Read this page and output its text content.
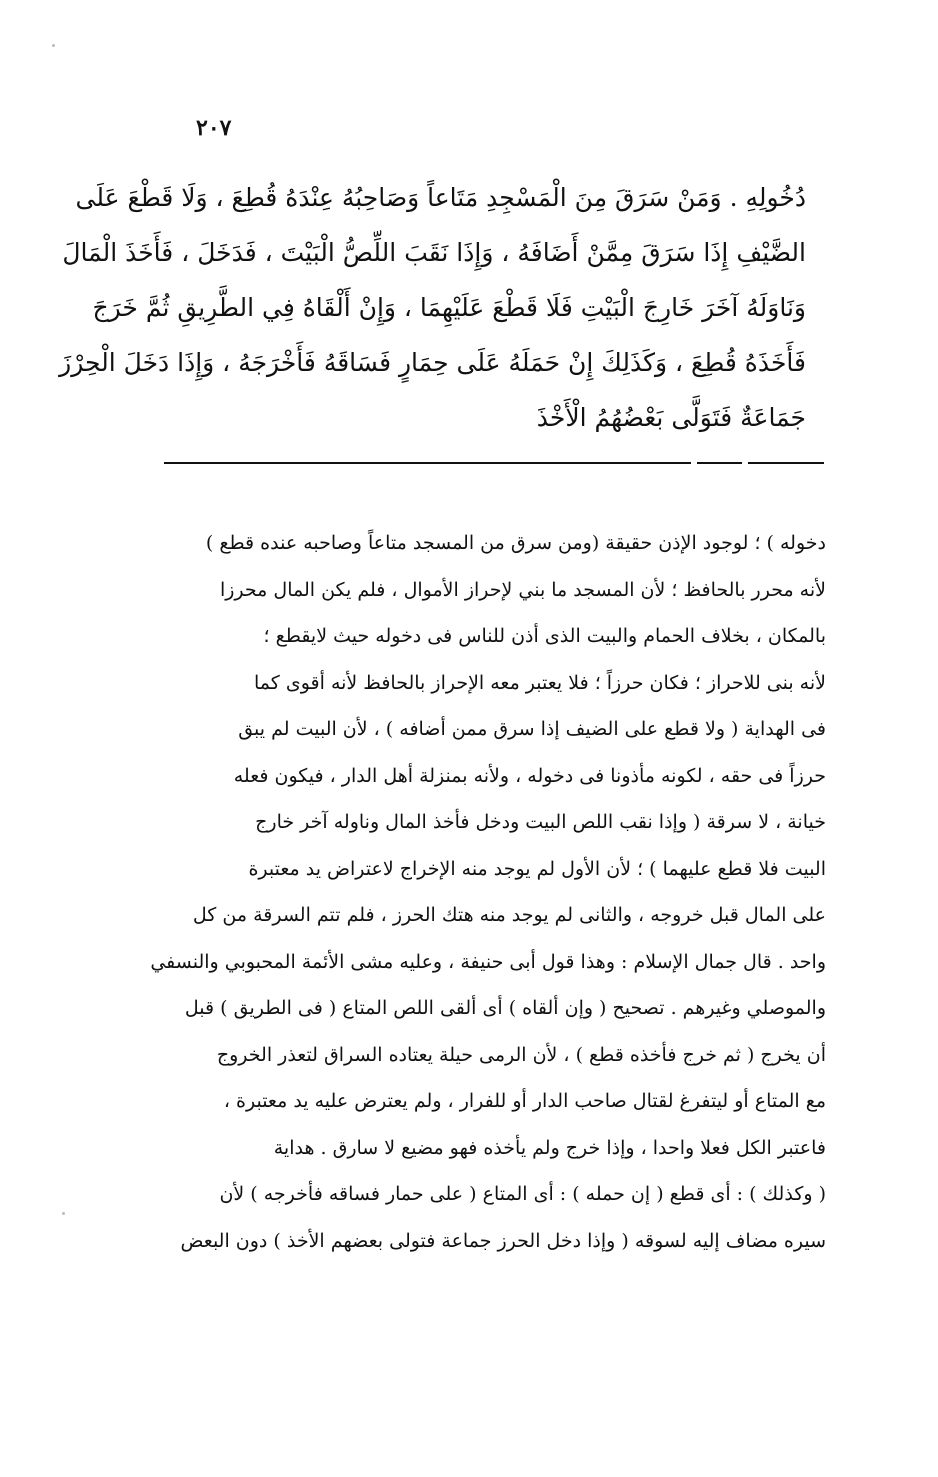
٢٠٧
دُخُولِهِ . وَمَنْ سَرَقَ مِنَ الْمَسْجِدِ مَتَاعاً وَصَاحِبُهُ عِنْدَهُ قُطِعَ ، وَلَا قَطْعَ عَلَى
الضَّيْفِ إِذَا سَرَقَ مِمَّنْ أَضَافَهُ ، وَإِذَا نَقَبَ اللِّصُّ الْبَيْتَ ، فَدَخَلَ ، فَأَخَذَ الْمَالَ
وَنَاوَلَهُ آخَرَ خَارِجَ الْبَيْتِ فَلَا قَطْعَ عَلَيْهِمَا ، وَإِنْ أَلْقَاهُ فِي الطَّرِيقِ ثُمَّ خَرَجَ
فَأَخَذَهُ قُطِعَ ، وَكَذَلِكَ إِنْ حَمَلَهُ عَلَى حِمَارٍ فَسَاقَهُ فَأَخْرَجَهُ ، وَإِذَا دَخَلَ الْحِرْزَ
جَمَاعَةٌ فَتَوَلَّى بَعْضُهُمُ الْأَخْذَ
دخوله ) ؛ لوجود الإذن حقيقة (ومن سرق من المسجد متاعاً وصاحبه عنده قطع )
لأنه محرر بالحافظ ؛ لأن المسجد ما بني لإحراز الأموال ، فلم يكن المال محرزا
بالمكان ، بخلاف الحمام والبيت الذى أذن للناس فى دخوله حيث لايقطع ؛
لأنه بنى للاحراز ؛ فكان حرزاً ؛ فلا يعتبر معه الإحراز بالحافظ لأنه أقوى كما
فى الهداية ( ولا قطع على الضيف إذا سرق ممن أضافه ) ، لأن البيت لم يبق
حرزاً فى حقه ، لكونه مأذونا فى دخوله ، ولأنه بمنزلة أهل الدار ، فيكون فعله
خيانة ، لا سرقة ( وإذا نقب اللص البيت ودخل فأخذ المال وناوله آخر خارج
البيت فلا قطع عليهما ) ؛ لأن الأول لم يوجد منه الإخراج لاعتراض يد معتبرة
على المال قبل خروجه ، والثانى لم يوجد منه هتك الحرز ، فلم تتم السرقة من كل
واحد . قال جمال الإسلام : وهذا قول أبى حنيفة ، وعليه مشى الأئمة المحبوبي والنسفي
والموصلي وغيرهم . تصحيح ( وإن ألقاه ) أى ألقى اللص المتاع ( فى الطريق ) قبل
أن يخرج ( ثم خرج فأخذه قطع ) ، لأن الرمى حيلة يعتاده السراق لتعذر الخروج
مع المتاع أو ليتفرغ لقتال صاحب الدار أو للفرار ، ولم يعترض عليه يد معتبرة ،
فاعتبر الكل فعلا واحدا ، وإذا خرج ولم يأخذه فهو مضيع لا سارق . هداية
( وكذلك ) : أى قطع ( إن حمله ) : أى المتاع ( على حمار فساقه فأخرجه ) لأن
سيره مضاف إليه لسوقه ( وإذا دخل الحرز جماعة فتولى بعضهم الأخذ ) دون البعض
